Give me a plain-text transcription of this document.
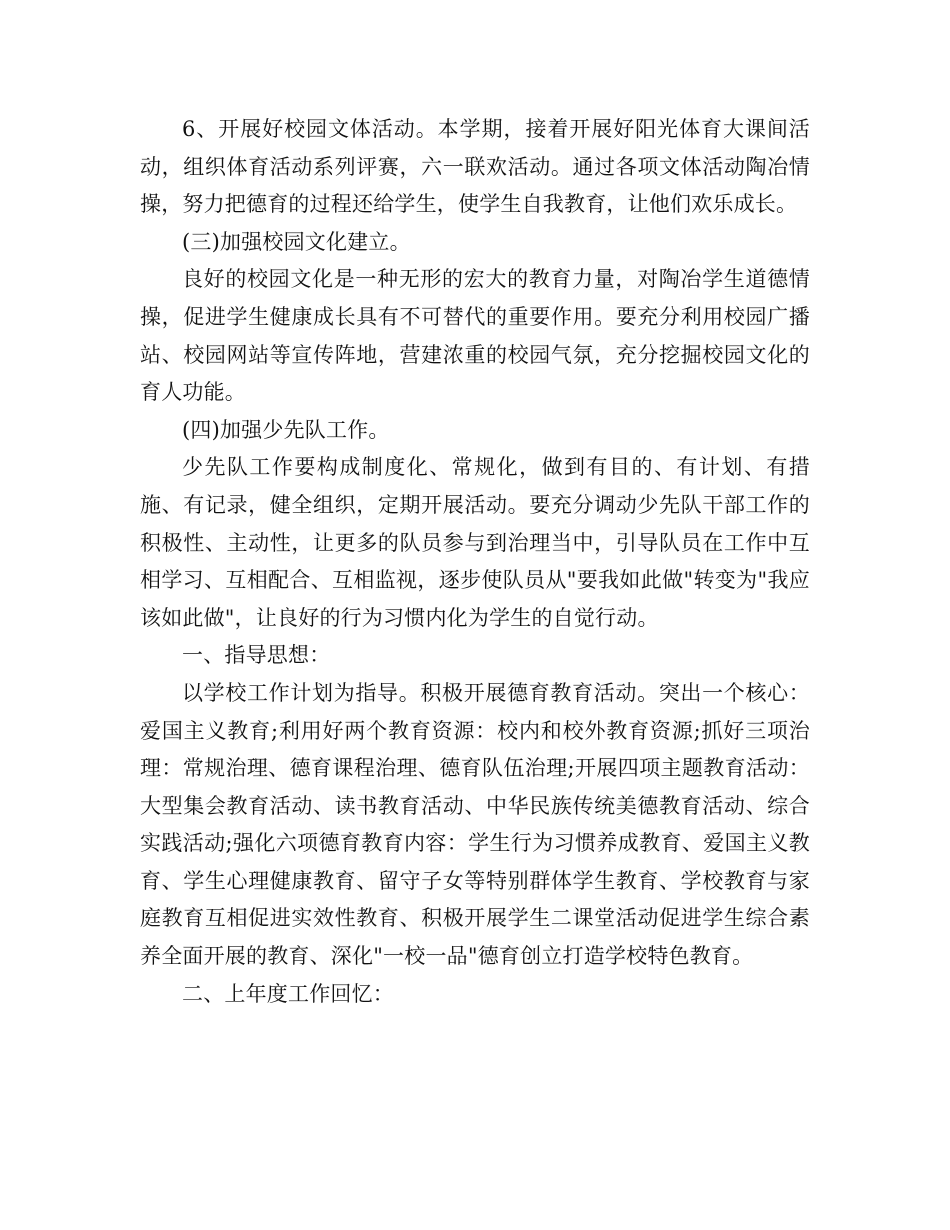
6、开展好校园文体活动。本学期，接着开展好阳光体育大课间活动，组织体育活动系列评赛，六一联欢活动。通过各项文体活动陶冶情操，努力把德育的过程还给学生，使学生自我教育，让他们欢乐成长。

(三)加强校园文化建立。

良好的校园文化是一种无形的宏大的教育力量，对陶冶学生道德情操，促进学生健康成长具有不可替代的重要作用。要充分利用校园广播站、校园网站等宣传阵地，营建浓重的校园气氛，充分挖掘校园文化的育人功能。

(四)加强少先队工作。

少先队工作要构成制度化、常规化，做到有目的、有计划、有措施、有记录，健全组织，定期开展活动。要充分调动少先队干部工作的积极性、主动性，让更多的队员参与到治理当中，引导队员在工作中互相学习、互相配合、互相监视，逐步使队员从"要我如此做"转变为"我应该如此做"，让良好的行为习惯内化为学生的自觉行动。

一、指导思想：

以学校工作计划为指导。积极开展德育教育活动。突出一个核心：爱国主义教育;利用好两个教育资源：校内和校外教育资源;抓好三项治理：常规治理、德育课程治理、德育队伍治理;开展四项主题教育活动：大型集会教育活动、读书教育活动、中华民族传统美德教育活动、综合实践活动;强化六项德育教育内容：学生行为习惯养成教育、爱国主义教育、学生心理健康教育、留守子女等特别群体学生教育、学校教育与家庭教育互相促进实效性教育、积极开展学生二课堂活动促进学生综合素养全面开展的教育、深化"一校一品"德育创立打造学校特色教育。

二、上年度工作回忆：
